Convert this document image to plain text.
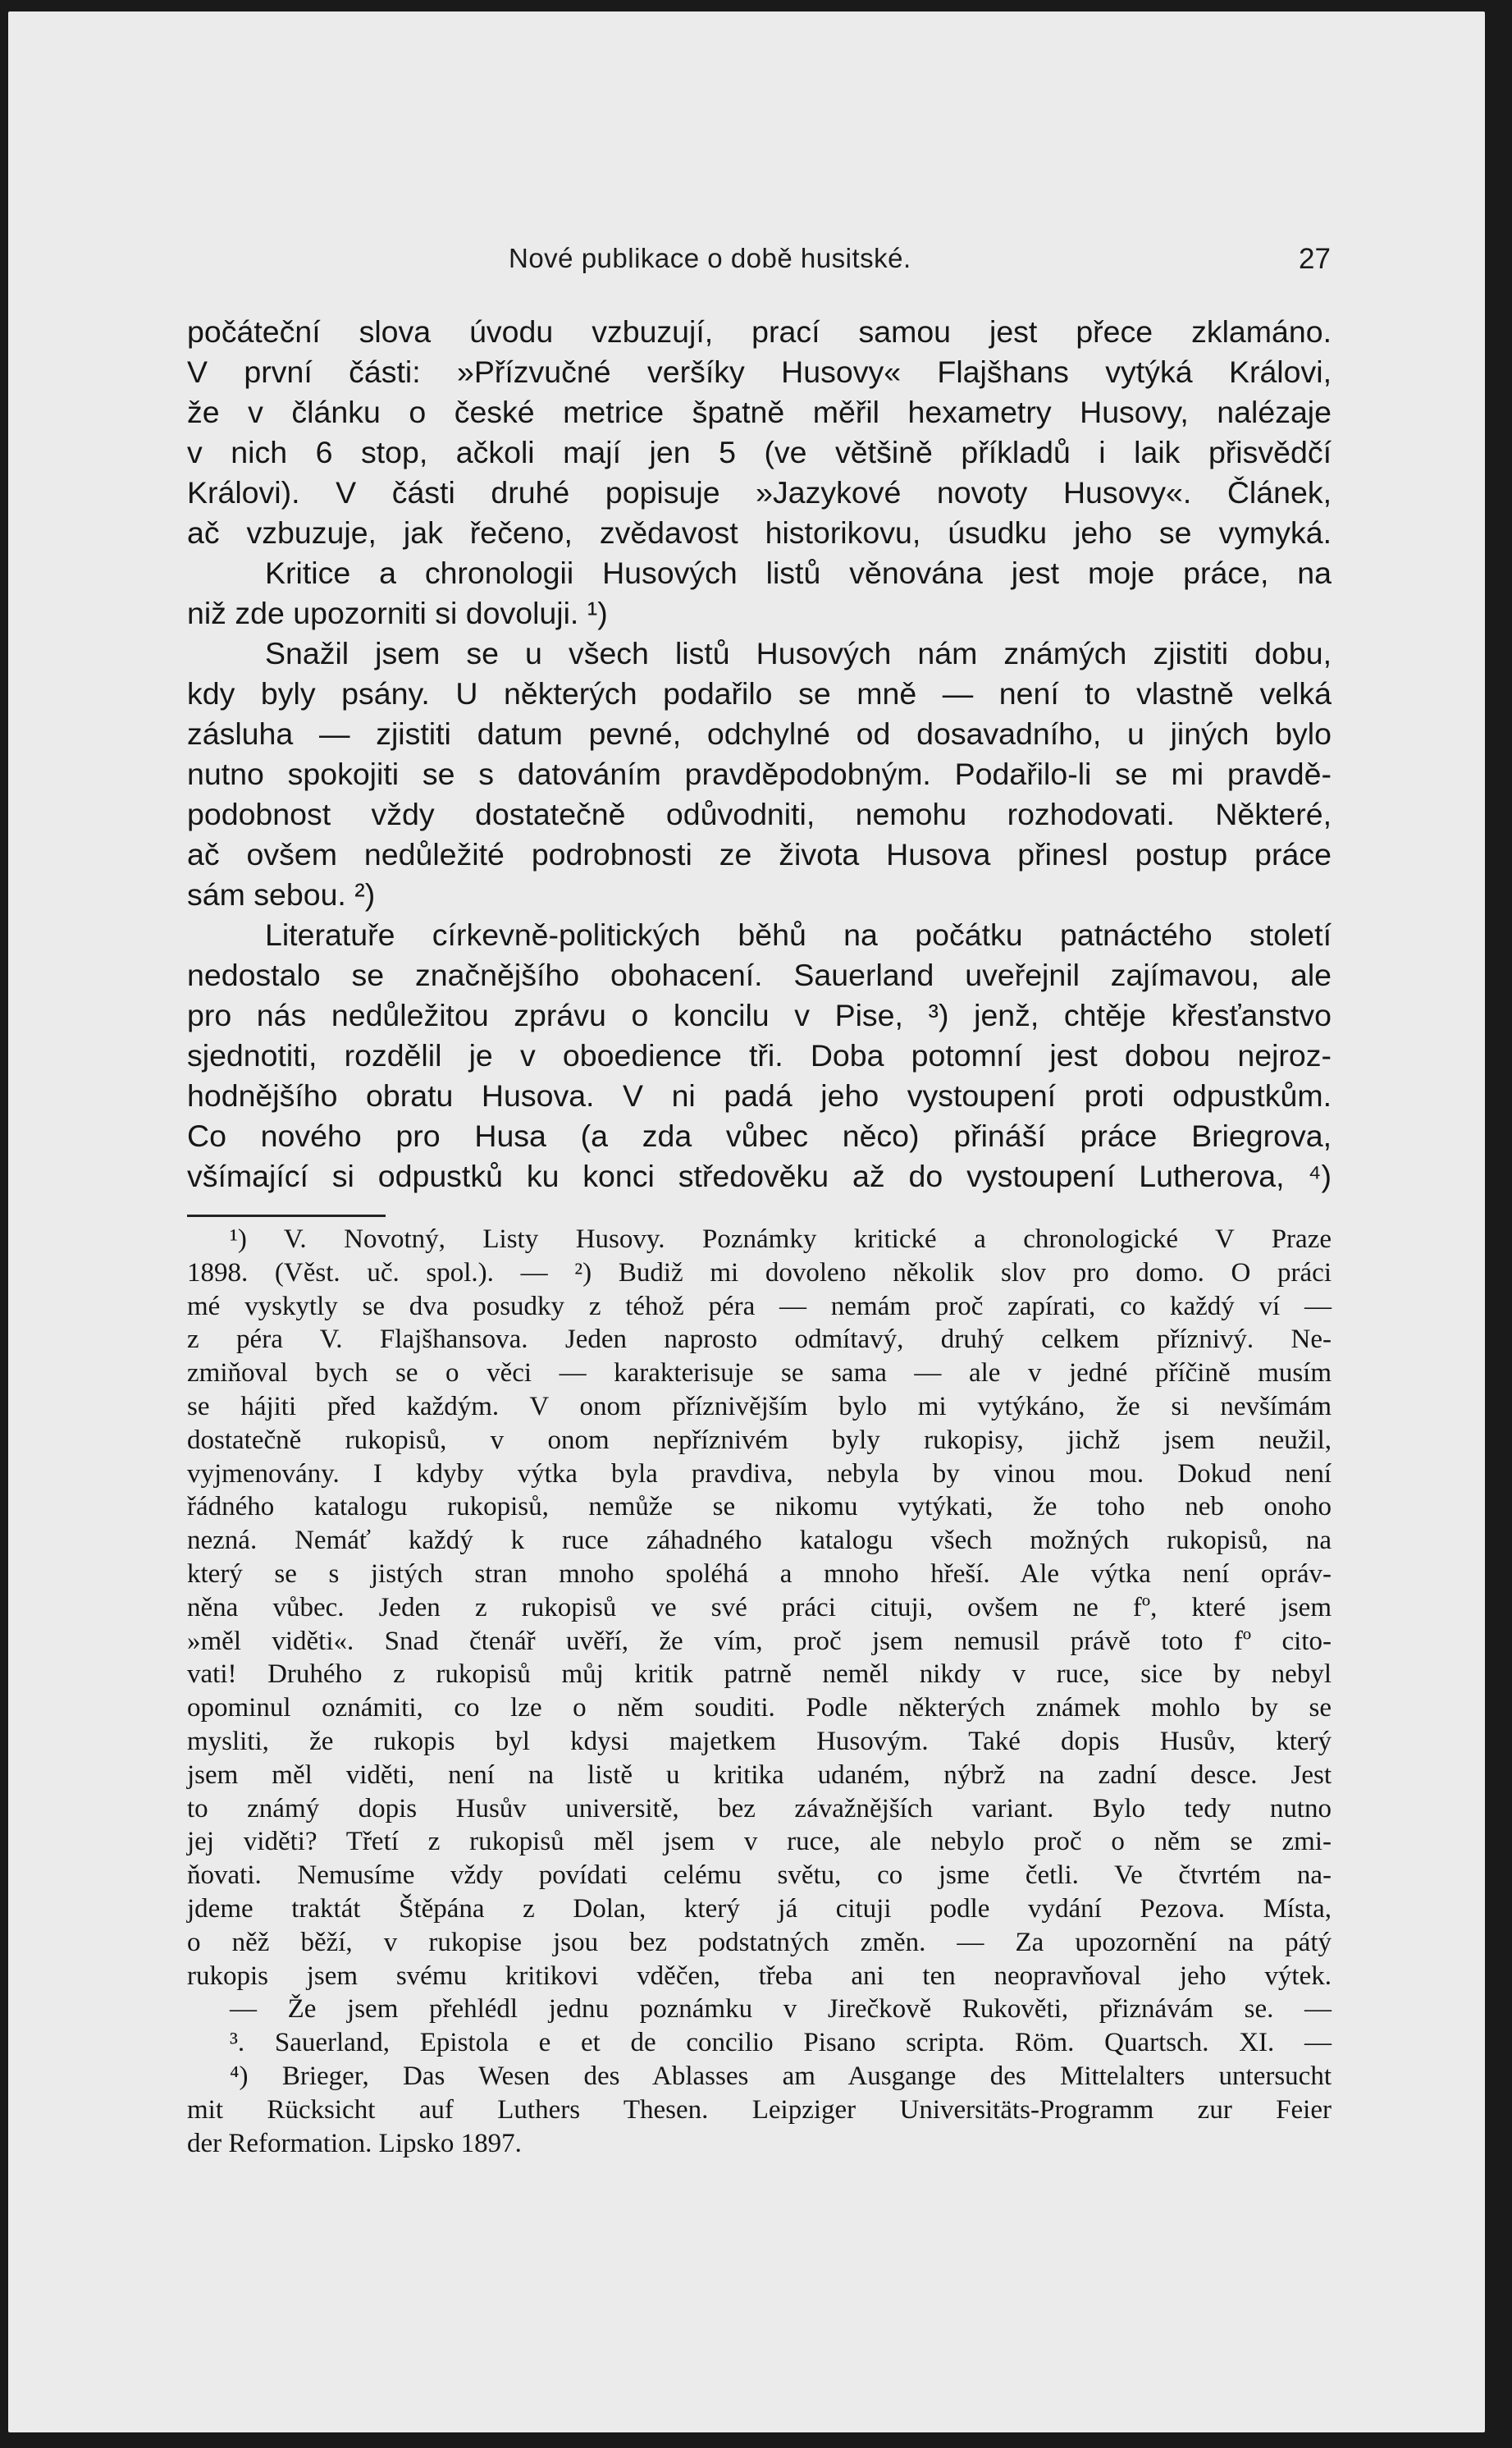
Nové publikace o době husitské.	27
počáteční slova úvodu vzbuzují, prací samou jest přece zklamáno.
V první části: »Přízvučné veršíky Husovy« Flajšhans vytýká Královi,
že v článku o české metrice špatně měřil hexametry Husovy, nalézaje
v nich 6 stop, ačkoli mají jen 5 (ve většině příkladů i laik přisvědčí
Královi). V části druhé popisuje »Jazykové novoty Husovy«. Článek,
ač vzbuzuje, jak řečeno, zvědavost historikovu, úsudku jeho se vymyká.
Kritice a chronologii Husových listů věnována jest moje práce, na
niž zde upozorniti si dovoluji. ¹)
Snažil jsem se u všech listů Husových nám známých zjistiti dobu,
kdy byly psány. U některých podařilo se mně — není to vlastně velká
zásluha — zjistiti datum pevné, odchylné od dosavadního, u jiných bylo
nutno spokojiti se s datováním pravděpodobným. Podařilo-li se mi pravdě-
podobnost vždy dostatečně odůvodniti, nemohu rozhodovati. Některé,
ač ovšem nedůležité podrobnosti ze života Husova přinesl postup práce
sám sebou. ²)
Literatuře církevně-politických běhů na počátku patnáctého století
nedostalo se značnějšího obohacení. Sauerland uveřejnil zajímavou, ale
pro nás nedůležitou zprávu o koncilu v Pise, ³) jenž, chtěje křesťanstvo
sjednotiti, rozdělil je v oboedience tři. Doba potomní jest dobou nejroz-
hodnějšího obratu Husova. V ni padá jeho vystoupení proti odpustkům.
Co nového pro Husa (a zda vůbec něco) přináší práce Briegrova,
všímající si odpustků ku konci středověku až do vystoupení Lutherova, ⁴)
¹) V. Novotný, Listy Husovy. Poznámky kritické a chronologické V Praze
1898. (Věst. uč. spol.). — ²) Budiž mi dovoleno několik slov pro domo. O práci
mé vyskytly se dva posudky z téhož péra — nemám proč zapírati, co každý ví —
z péra V. Flajšhansova. Jeden naprosto odmítavý, druhý celkem příznivý. Ne-
zmiňoval bych se o věci — karakterisuje se sama — ale v jedné příčině musím
se hájiti před každým. V onom příznivějším bylo mi vytýkáno, že si nevšímám
dostatečně rukopisů, v onom nepříznivém byly rukopisy, jichž jsem neužil,
vyjmenovány. I kdyby výtka byla pravdiva, nebyla by vinou mou. Dokud není
řádného katalogu rukopisů, nemůže se nikomu vytýkati, že toho neb onoho
nezná. Nemáť každý k ruce záhadného katalogu všech možných rukopisů, na
který se s jistých stran mnoho spoléhá a mnoho hřeší. Ale výtka není opráv-
něna vůbec. Jeden z rukopisů ve své práci cituji, ovšem ne fº, které jsem
»měl viděti«. Snad čtenář uvěří, že vím, proč jsem nemusil právě toto fº cito-
vati! Druhého z rukopisů můj kritik patrně neměl nikdy v ruce, sice by nebyl
opominul oznámiti, co lze o něm souditi. Podle některých známek mohlo by se
mysliti, že rukopis byl kdysi majetkem Husovým. Také dopis Husův, který
jsem měl viděti, není na listě u kritika udaném, nýbrž na zadní desce. Jest
to známý dopis Husův universitě, bez závažnějších variant. Bylo tedy nutno
jej viděti? Třetí z rukopisů měl jsem v ruce, ale nebylo proč o něm se zmi-
ňovati. Nemusíme vždy povídati celému světu, co jsme četli. Ve čtvrtém na-
jdeme traktát Štěpána z Dolan, který já cituji podle vydání Pezova. Místa,
o něž běží, v rukopise jsou bez podstatných změn. — Za upozornění na pátý
rukopis jsem svému kritikovi vděčen, třeba ani ten neopravňoval jeho výtek.
— Že jsem přehlédl jednu poznámku v Jirečkově Rukověti, přiznávám se. —
³. Sauerland, Epistola e et de concilio Pisano scripta. Röm. Quartsch. XI. —
⁴) Brieger, Das Wesen des Ablasses am Ausgange des Mittelalters untersucht
mit Rücksicht auf Luthers Thesen. Leipziger Universitäts-Programm zur Feier
der Reformation. Lipsko 1897.
